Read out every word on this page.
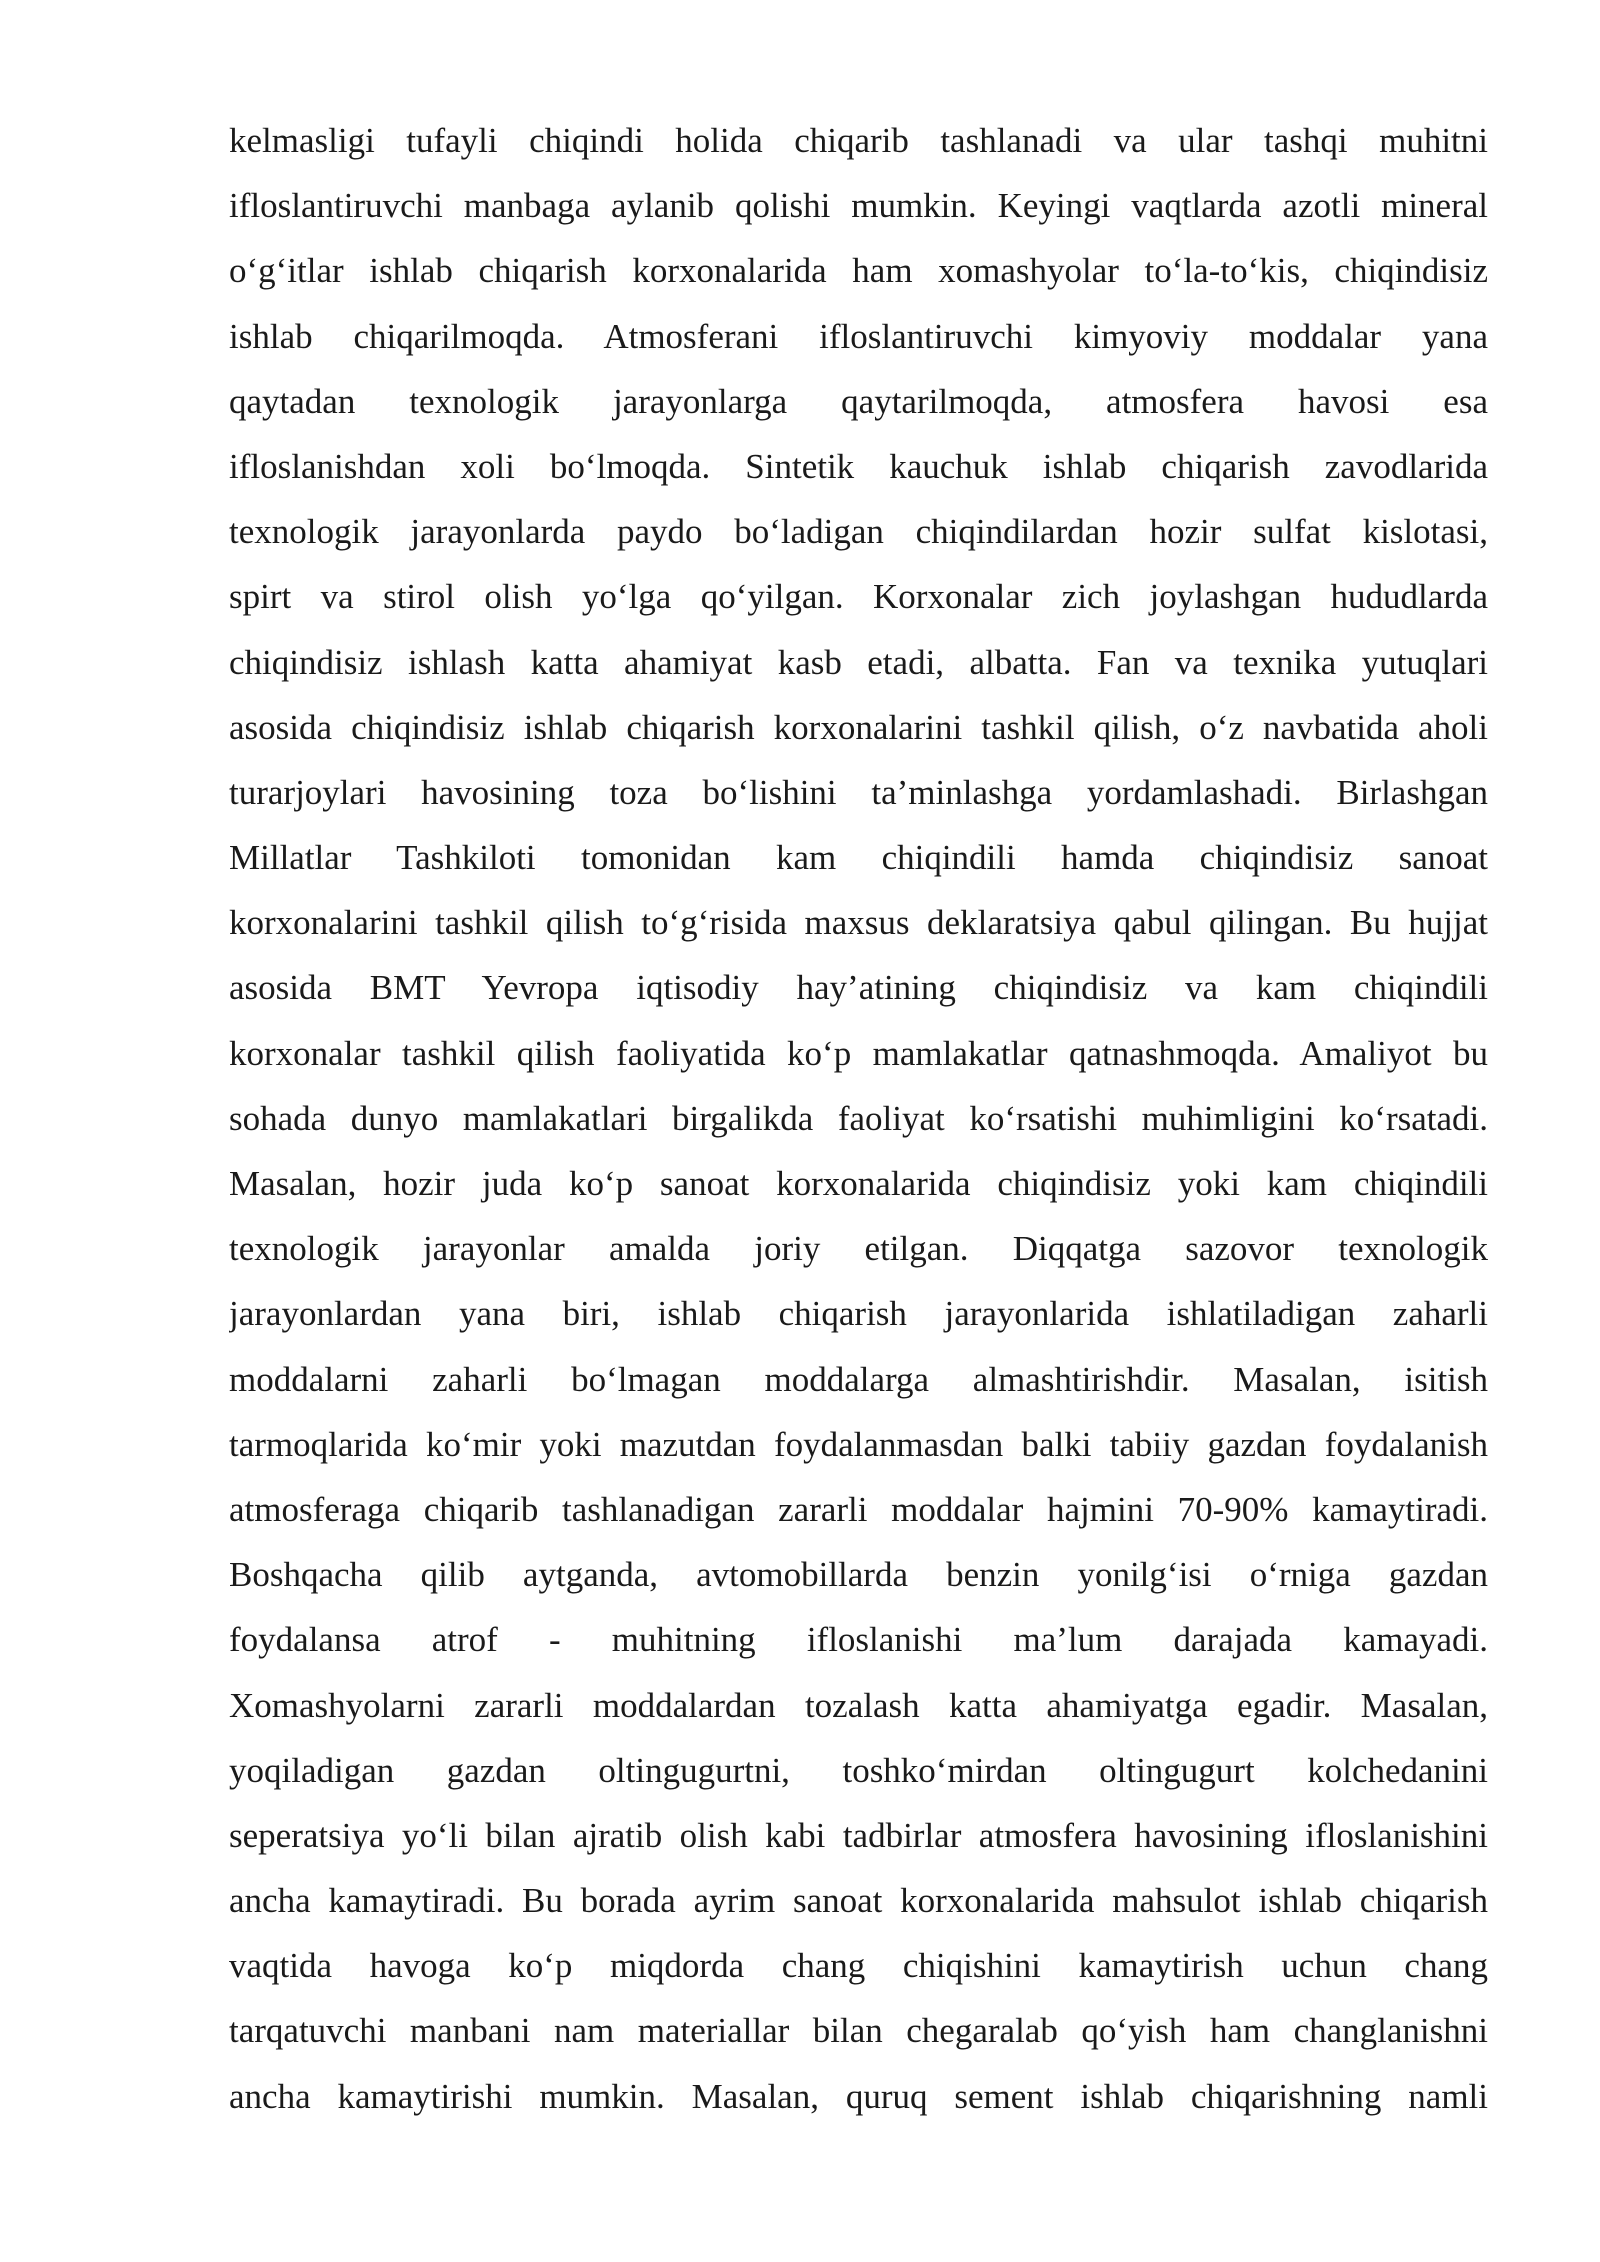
kelmasligi tufayli chiqindi holida chiqarib tashlanadi va ular tashqi muhitni
ifloslantiruvchi manbaga aylanib qolishi mumkin. Keyingi vaqtlarda azotli mineral
o‘g‘itlar ishlab chiqarish korxonalarida ham xomashyolar to‘la-to‘kis, chiqindisiz
ishlab chiqarilmoqda. Atmosferani ifloslantiruvchi kimyoviy moddalar yana
qaytadan texnologik jarayonlarga qaytarilmoqda, atmosfera havosi esa
ifloslanishdan xoli bo‘lmoqda. Sintetik kauchuk ishlab chiqarish zavodlarida
texnologik jarayonlarda paydo bo‘ladigan chiqindilardan hozir sulfat kislotasi,
spirt va stirol olish yo‘lga qo‘yilgan. Korxonalar zich joylashgan hududlarda
chiqindisiz ishlash katta ahamiyat kasb etadi, albatta. Fan va texnika yutuqlari
asosida chiqindisiz ishlab chiqarish korxonalarini tashkil qilish, o‘z navbatida aholi
turarjoylari havosining toza bo‘lishini ta’minlashga yordamlashadi. Birlashgan
Millatlar Tashkiloti tomonidan kam chiqindili hamda chiqindisiz sanoat
korxonalarini tashkil qilish to‘g‘risida maxsus deklaratsiya qabul qilingan. Bu hujjat
asosida BMT Yevropa iqtisodiy hay’atining chiqindisiz va kam chiqindili
korxonalar tashkil qilish faoliyatida ko‘p mamlakatlar qatnashmoqda. Amaliyot bu
sohada dunyo mamlakatlari birgalikda faoliyat ko‘rsatishi muhimligini ko‘rsatadi.
Masalan, hozir juda ko‘p sanoat korxonalarida chiqindisiz yoki kam chiqindili
texnologik jarayonlar amalda joriy etilgan. Diqqatga sazovor texnologik
jarayonlardan yana biri, ishlab chiqarish jarayonlarida ishlatiladigan zaharli
moddalarni zaharli bo‘lmagan moddalarga almashtirishdir. Masalan, isitish
tarmoqlarida ko‘mir yoki mazutdan foydalanmasdan balki tabiiy gazdan foydalanish
atmosferaga chiqarib tashlanadigan zararli moddalar hajmini 70-90% kamaytiradi.
Boshqacha qilib aytganda, avtomobillarda benzin yonilg‘isi o‘rniga gazdan
foydalansa atrof - muhitning ifloslanishi ma’lum darajada kamayadi.
Xomashyolarni zararli moddalardan tozalash katta ahamiyatga egadir. Masalan,
yoqiladigan gazdan oltingugurtni, toshko‘mirdan oltingugurt kolchedanini
seperatsiya yo‘li bilan ajratib olish kabi tadbirlar atmosfera havosining ifloslanishini
ancha kamaytiradi. Bu borada ayrim sanoat korxonalarida mahsulot ishlab chiqarish
vaqtida havoga ko‘p miqdorda chang chiqishini kamaytirish uchun chang
tarqatuvchi manbani nam materiallar bilan chegaralab qo‘yish ham changlanishni
ancha kamaytirishi mumkin. Masalan, quruq sement ishlab chiqarishning namli
